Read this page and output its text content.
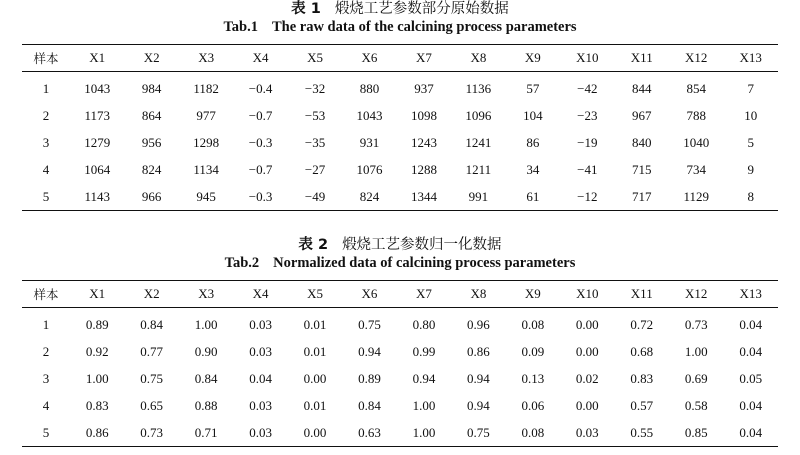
表 1 煅烧工艺参数部分原始数据
Tab.1 The raw data of the calcining process parameters
样本	X1	X2	X3	X4	X5	X6	X7	X8	X9	X10	X11	X12	X13
1	1043	984	1182	−0.4	−32	880	937	1136	57	−42	844	854	7
2	1173	864	977	−0.7	−53	1043	1098	1096	104	−23	967	788	10
3	1279	956	1298	−0.3	−35	931	1243	1241	86	−19	840	1040	5
4	1064	824	1134	−0.7	−27	1076	1288	1211	34	−41	715	734	9
5	1143	966	945	−0.3	−49	824	1344	991	61	−12	717	1129	8
表 2 煅烧工艺参数归一化数据
Tab.2 Normalized data of calcining process parameters
样本	X1	X2	X3	X4	X5	X6	X7	X8	X9	X10	X11	X12	X13
1	0.89	0.84	1.00	0.03	0.01	0.75	0.80	0.96	0.08	0.00	0.72	0.73	0.04
2	0.92	0.77	0.90	0.03	0.01	0.94	0.99	0.86	0.09	0.00	0.68	1.00	0.04
3	1.00	0.75	0.84	0.04	0.00	0.89	0.94	0.94	0.13	0.02	0.83	0.69	0.05
4	0.83	0.65	0.88	0.03	0.01	0.84	1.00	0.94	0.06	0.00	0.57	0.58	0.04
5	0.86	0.73	0.71	0.03	0.00	0.63	1.00	0.75	0.08	0.03	0.55	0.85	0.04
